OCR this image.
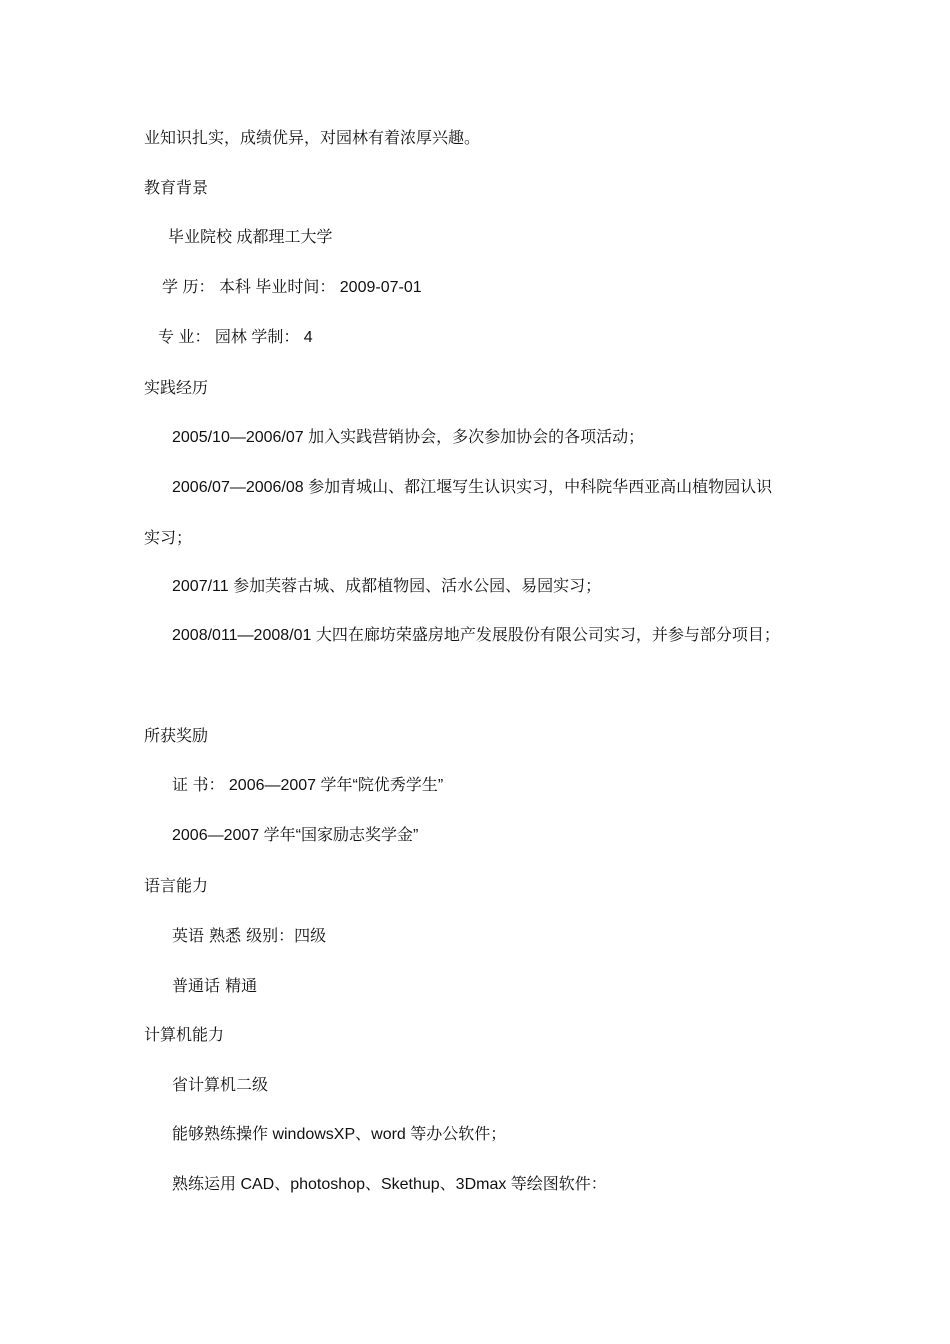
业知识扎实，成绩优异，对园林有着浓厚兴趣。
教育背景
毕业院校 成都理工大学
学 历： 本科 毕业时间： 2009-07-01
专 业： 园林 学制： 4
实践经历
2005/10—2006/07 加入实践营销协会，多次参加协会的各项活动；
2006/07—2006/08 参加青城山、都江堰写生认识实习，中科院华西亚高山植物园认识
实习；
2007/11 参加芙蓉古城、成都植物园、活水公园、易园实习；
2008/011—2008/01 大四在廊坊荣盛房地产发展股份有限公司实习，并参与部分项目；
所获奖励
证 书： 2006—2007 学年“院优秀学生”
2006—2007 学年“国家励志奖学金”
语言能力
英语 熟悉 级别：四级
普通话 精通
计算机能力
省计算机二级
能够熟练操作 windowsXP、word 等办公软件；
熟练运用 CAD、photoshop、Skethup、3Dmax 等绘图软件：
